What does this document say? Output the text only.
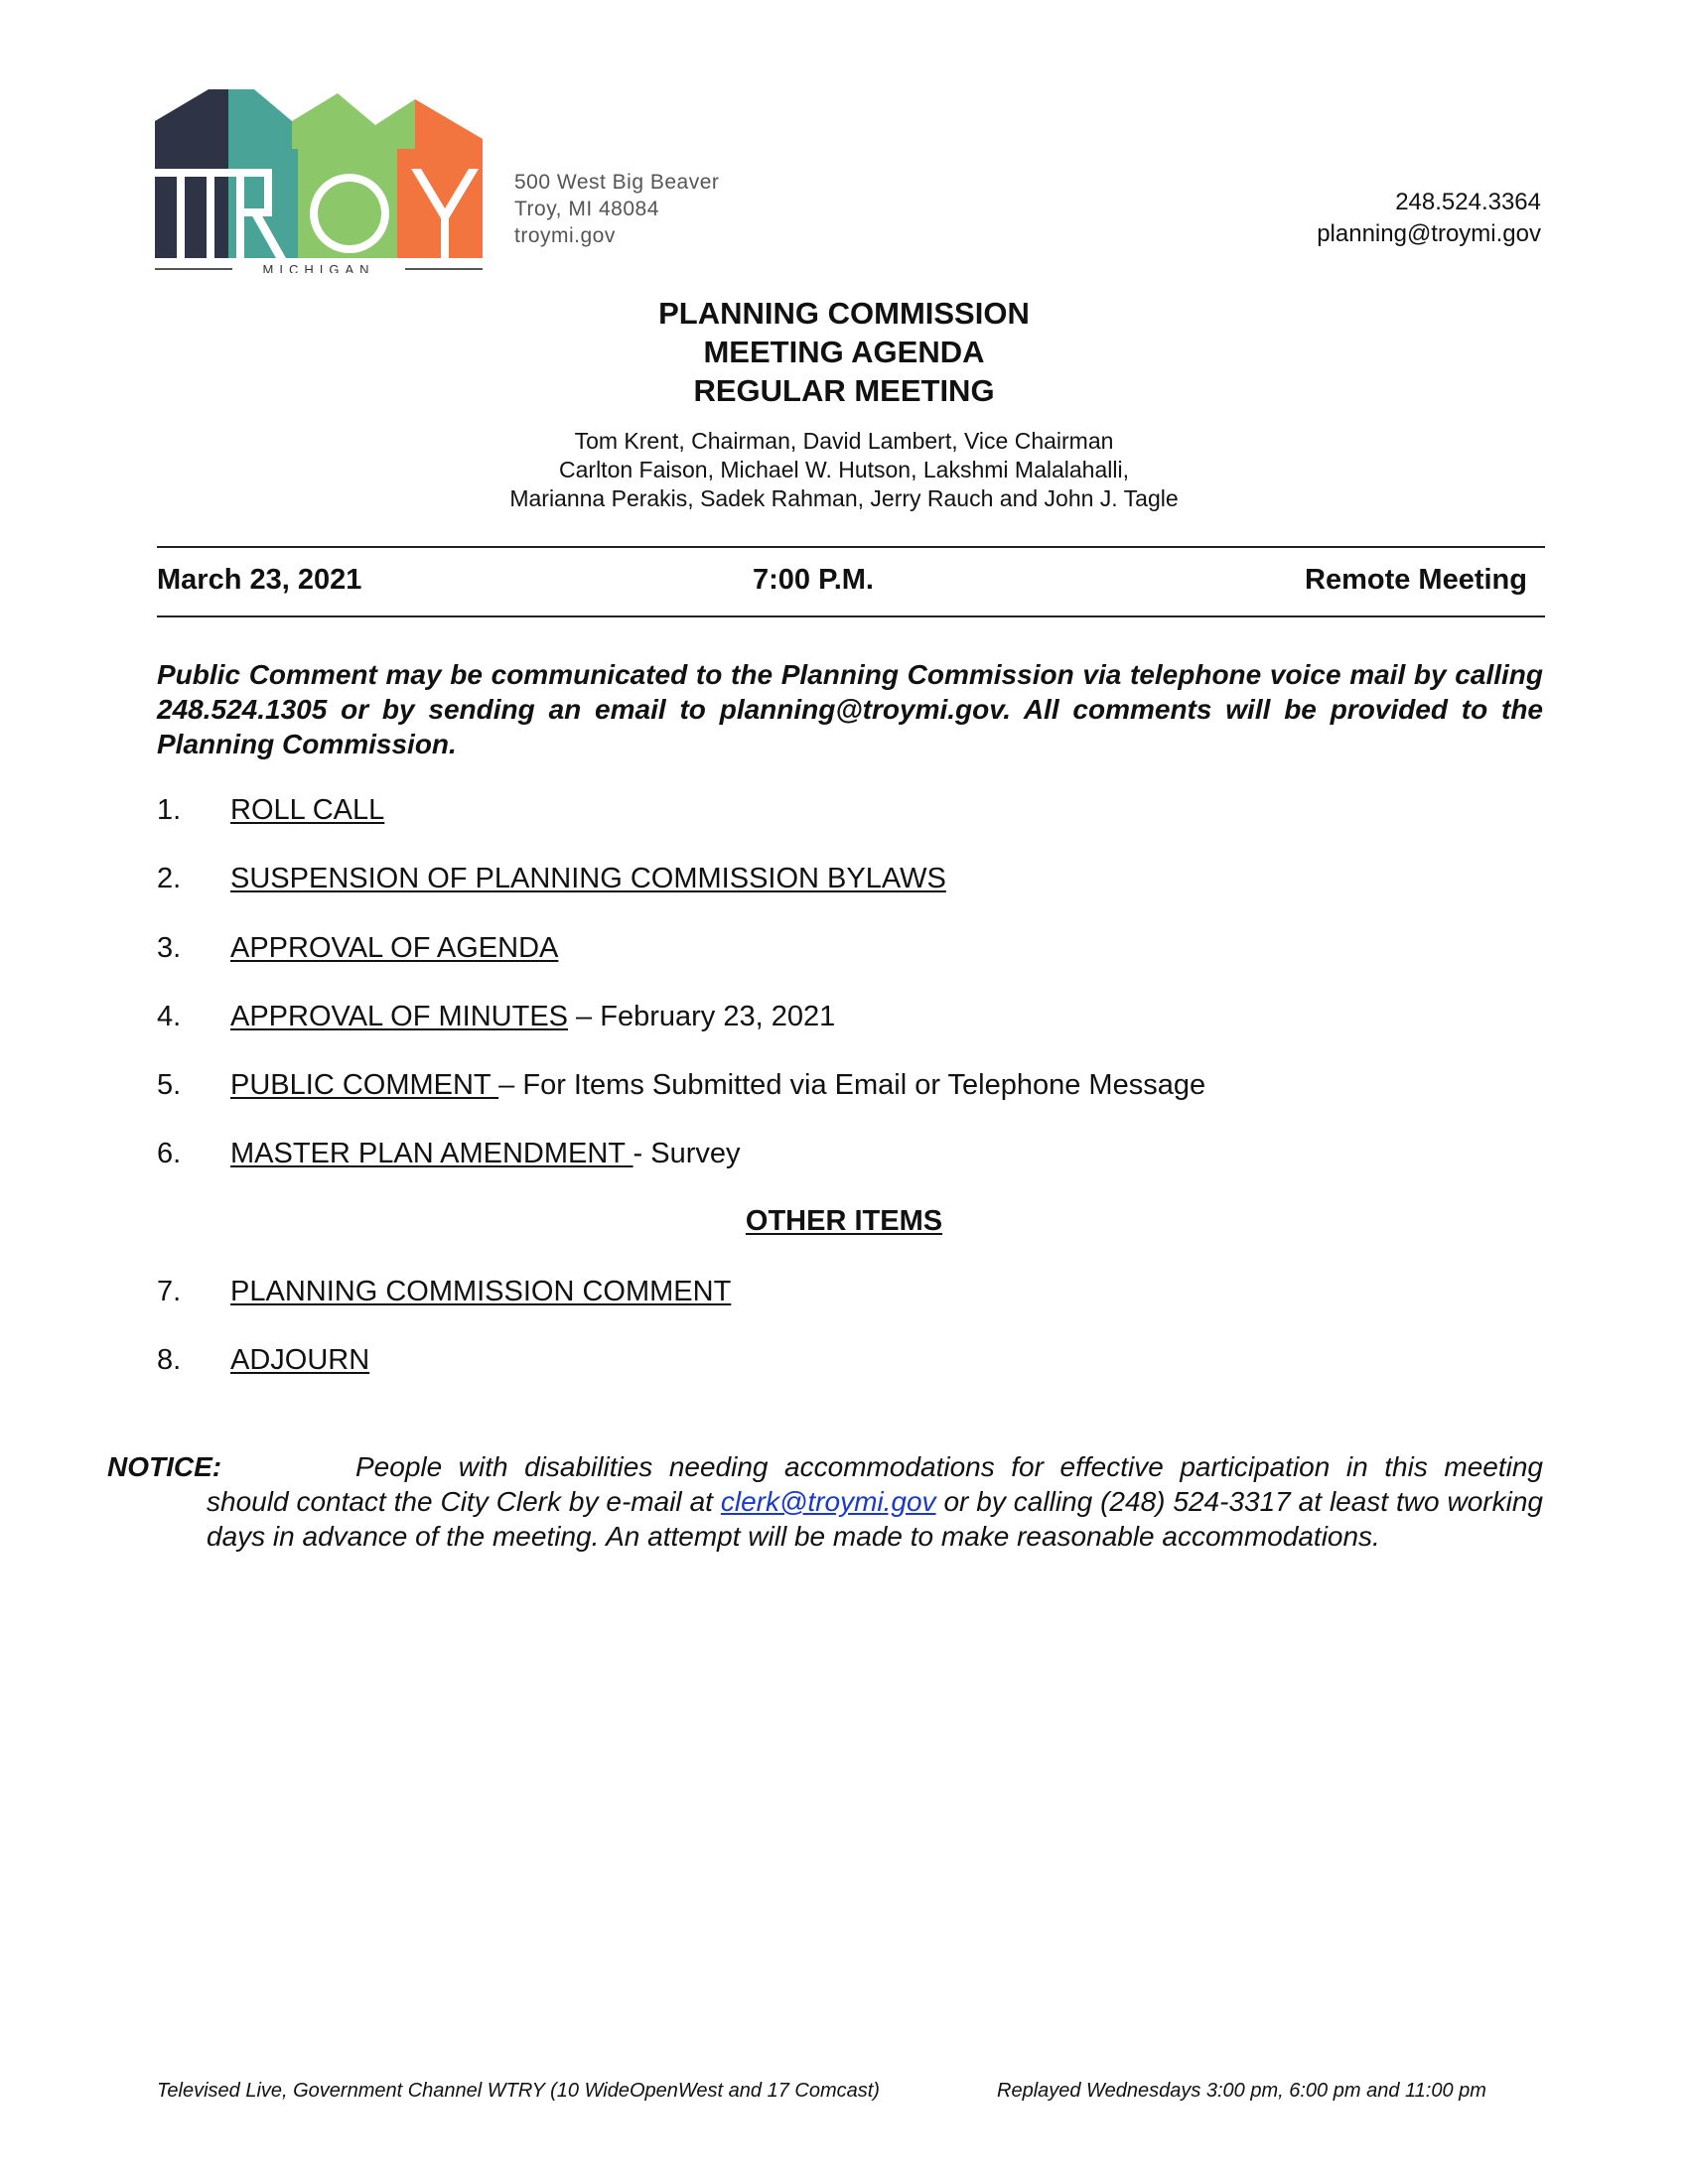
MICHIGAN
500 West Big Beaver
Troy, MI 48084
troymi.gov
248.524.3364
planning@troymi.gov
PLANNING COMMISSION
MEETING AGENDA
REGULAR MEETING
Tom Krent, Chairman, David Lambert, Vice Chairman
Carlton Faison, Michael W. Hutson, Lakshmi Malalahalli,
Marianna Perakis, Sadek Rahman, Jerry Rauch and John J. Tagle
March 23, 2021	7:00 P.M.	Remote Meeting
Public Comment may be communicated to the Planning Commission via telephone voice mail by calling 248.524.1305 or by sending an email to planning@troymi.gov. All comments will be provided to the Planning Commission.
1. ROLL CALL
2. SUSPENSION OF PLANNING COMMISSION BYLAWS
3. APPROVAL OF AGENDA
4. APPROVAL OF MINUTES – February 23, 2021
5. PUBLIC COMMENT – For Items Submitted via Email or Telephone Message
6. MASTER PLAN AMENDMENT - Survey
OTHER ITEMS
7. PLANNING COMMISSION COMMENT
8. ADJOURN
NOTICE:	People with disabilities needing accommodations for effective participation in this meeting should contact the City Clerk by e-mail at clerk@troymi.gov or by calling (248) 524-3317 at least two working days in advance of the meeting. An attempt will be made to make reasonable accommodations.
Televised Live, Government Channel WTRY (10 WideOpenWest and 17 Comcast)	Replayed Wednesdays 3:00 pm, 6:00 pm and 11:00 pm
